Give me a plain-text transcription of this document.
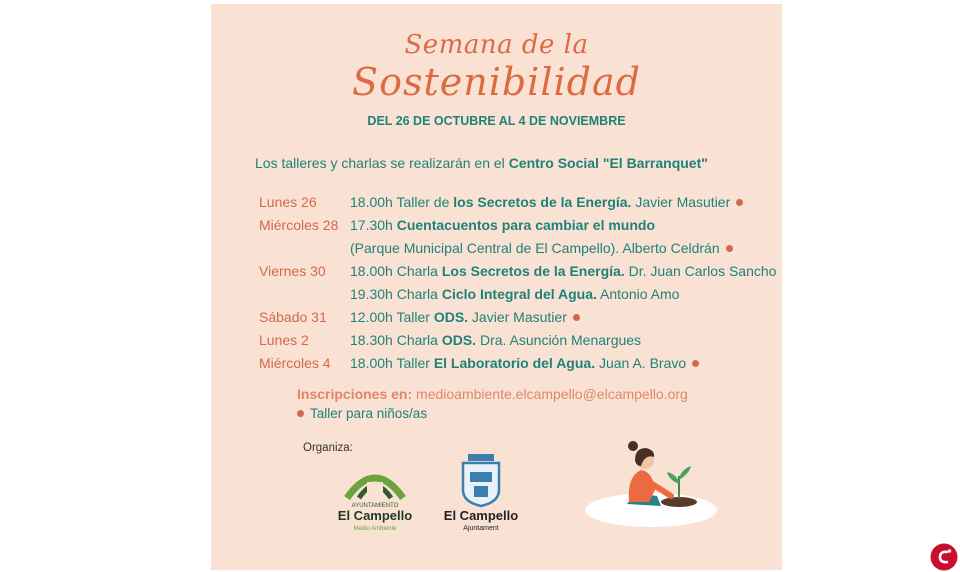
Semana de la
Sostenibilidad
DEL 26 DE OCTUBRE AL 4 DE NOVIEMBRE
Los talleres y charlas se realizarán en el Centro Social "El Barranquet"
Lunes 26 18.00h Taller de los Secretos de la Energía. Javier Masutier
Miércoles 28 17.30h Cuentacuentos para cambiar el mundo
(Parque Municipal Central de El Campello). Alberto Celdrán
Viernes 30 18.00h Charla Los Secretos de la Energía. Dr. Juan Carlos Sancho
19.30h Charla Ciclo Integral del Agua. Antonio Amo
Sábado 31 12.00h Taller ODS. Javier Masutier
Lunes 2	18.30h Charla ODS. Dra. Asunción Menargues
Miércoles 4 18.00h Taller El Laboratorio del Agua. Juan A. Bravo
Inscripciones en: medioambiente.elcampello@elcampello.org
Taller para niños/as
Organiza:
AYUNTAMIENTO
El Campello
Medio Ambiente
El Campello
Ajuntament
